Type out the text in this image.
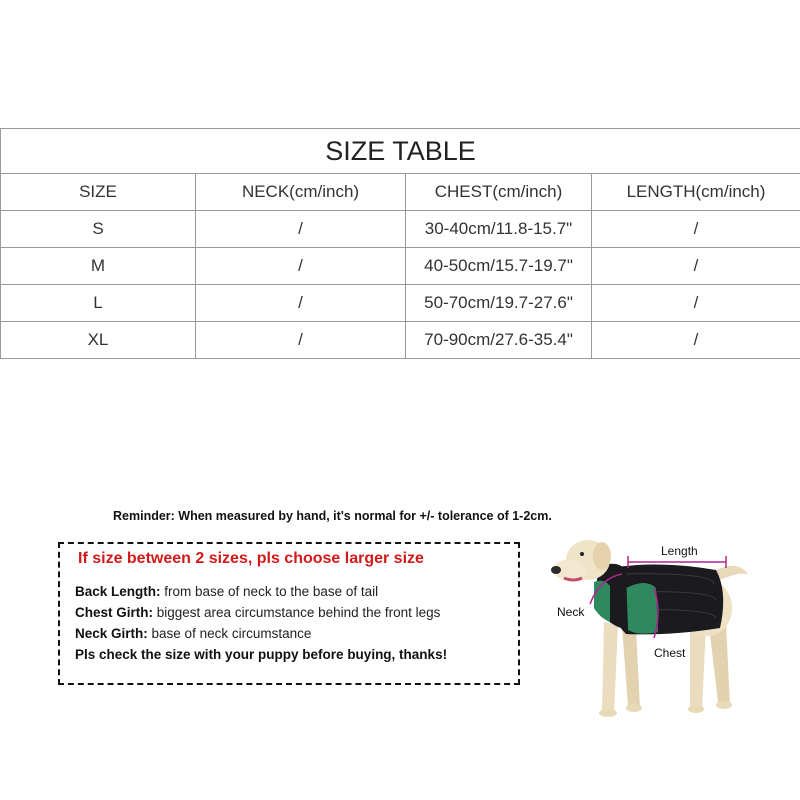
SIZE TABLE			
SIZE	NECK(cm/inch)	CHEST(cm/inch)	LENGTH(cm/inch)
S	/	30-40cm/11.8-15.7"	/
M	/	40-50cm/15.7-19.7"	/
L	/	50-70cm/19.7-27.6"	/
XL	/	70-90cm/27.6-35.4"	/
Reminder: When measured by hand, it's normal for +/- tolerance of 1-2cm.
If size between 2 sizes, pls choose larger size
Back Length: from base of neck to the base of tail
Chest Girth: biggest area circumstance behind the front legs
Neck Girth: base of neck circumstance
Pls check the size with your puppy before buying, thanks!
Length
Neck
Chest
